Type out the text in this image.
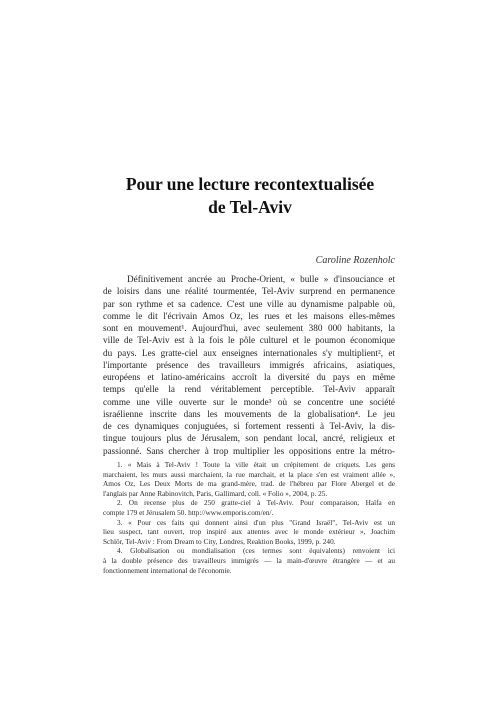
Pour une lecture recontextualisée
de Tel-Aviv

Caroline Rozenholc

Définitivement ancrée au Proche-Orient, « bulle » d'insouciance et
de loisirs dans une réalité tourmentée, Tel-Aviv surprend en permanence
par son rythme et sa cadence. C'est une ville au dynamisme palpable où,
comme le dit l'écrivain Amos Oz, les rues et les maisons elles-mêmes
sont en mouvement¹. Aujourd'hui, avec seulement 380 000 habitants, la
ville de Tel-Aviv est à la fois le pôle culturel et le poumon économique
du pays. Les gratte-ciel aux enseignes internationales s'y multiplient², et
l'importante présence des travailleurs immigrés africains, asiatiques,
européens et latino-américains accroît la diversité du pays en même
temps qu'elle la rend véritablement perceptible. Tel-Aviv apparaît
comme une ville ouverte sur le monde³ où se concentre une société
israélienne inscrite dans les mouvements de la globalisation⁴. Le jeu
de ces dynamiques conjuguées, si fortement ressenti à Tel-Aviv, la dis-
tingue toujours plus de Jérusalem, son pendant local, ancré, religieux et
passionné. Sans chercher à trop multiplier les oppositions entre la métro-
1. « Mais à Tel-Aviv ! Toute la ville était un crépitement de criquets. Les gens
marchaient, les murs aussi marchaient, la rue marchait, et la place s'en est vraiment allée »,
Amos Oz, Les Deux Morts de ma grand-mère, trad. de l'hébreu par Flore Abergel et de
l'anglais par Anne Rabinovitch, Paris, Gallimard, coll. « Folio », 2004, p. 25.
2. On recense plus de 250 gratte-ciel à Tel-Aviv. Pour comparaison, Haïfa en
compte 179 et Jérusalem 50. http://www.emporis.com/en/.
3. « Pour ces faits qui donnent ainsi d'un plus "Grand Israël", Tel-Aviv est un
lieu suspect, tant ouvert, trop inspiré aux attentes avec le monde extérieur », Joachim
Schlör, Tel-Aviv : From Dream to City, Londres, Reaktion Books, 1999, p. 240.
4. Globalisation ou mondialisation (ces termes sont équivalents) renvoient ici
à la double présence des travailleurs immigrés — la main-d'œuvre étrangère — et au
fonctionnement international de l'économie.
